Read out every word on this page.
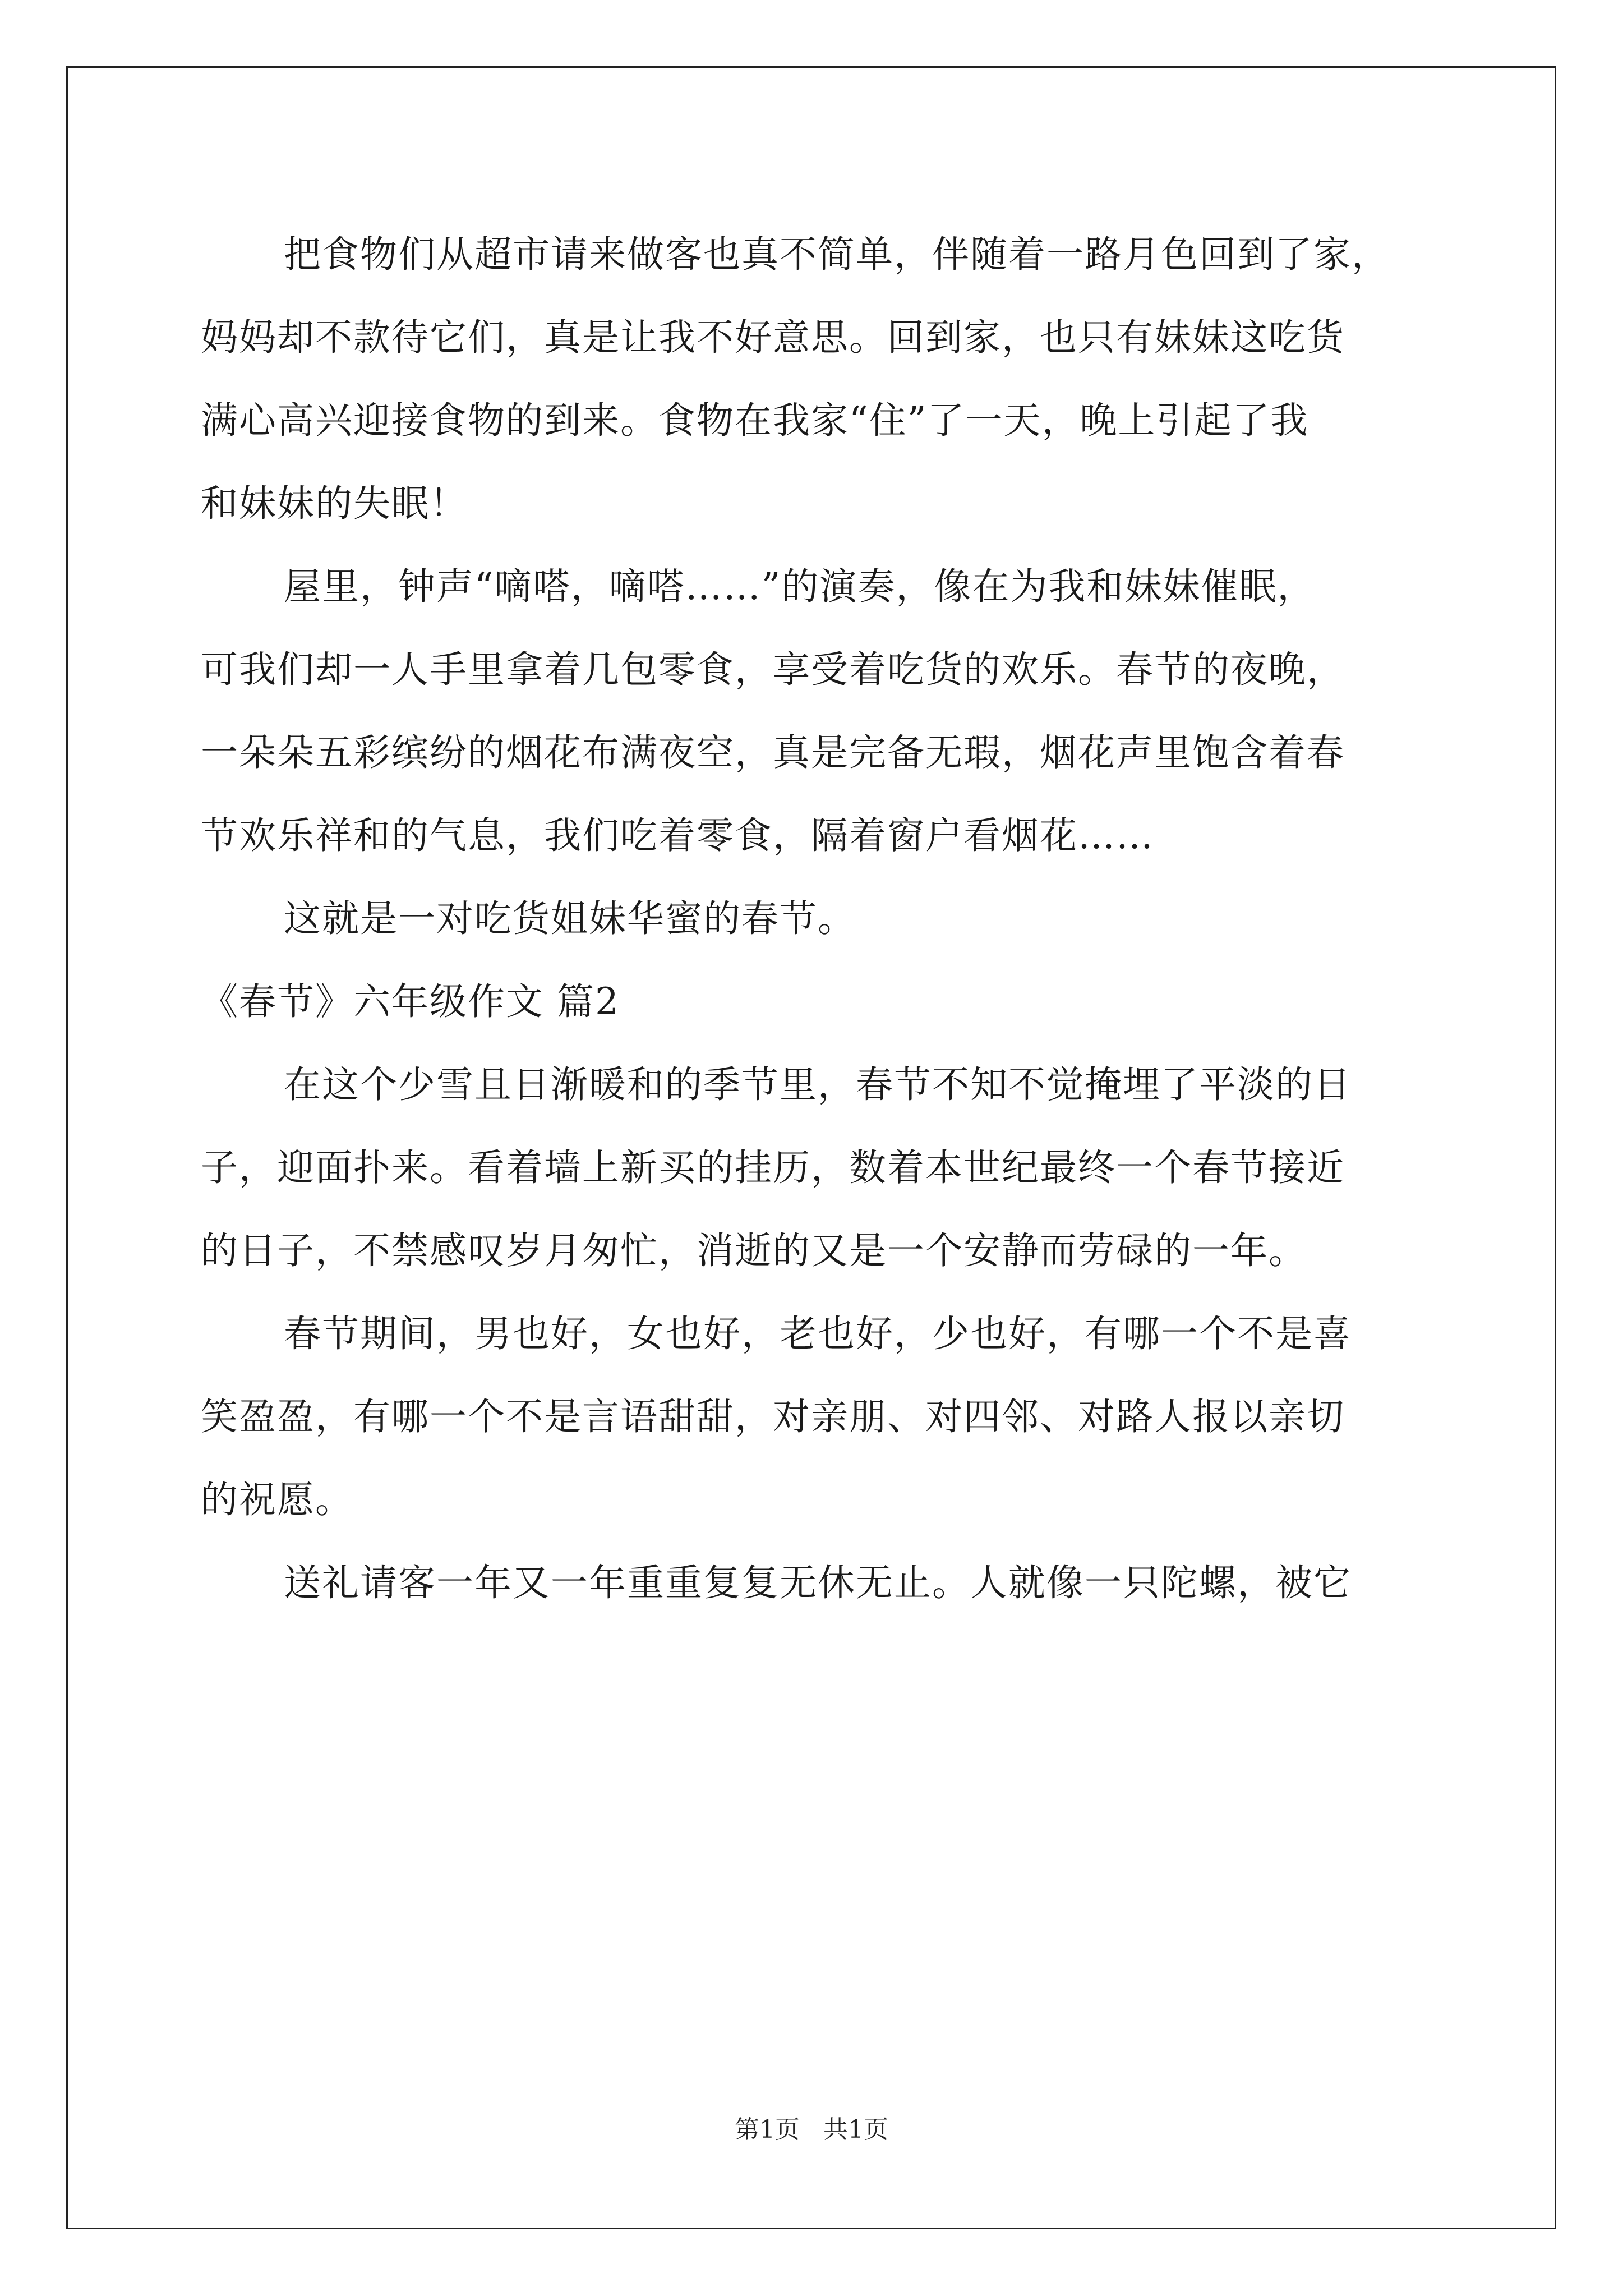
把食物们从超市请来做客也真不简单，伴随着一路月色回到了家，
妈妈却不款待它们，真是让我不好意思。回到家，也只有妹妹这吃货
满心高兴迎接食物的到来。食物在我家“住”了一天，晚上引起了我
和妹妹的失眠！
屋里，钟声“嘀嗒，嘀嗒……”的演奏，像在为我和妹妹催眠，
可我们却一人手里拿着几包零食，享受着吃货的欢乐。春节的夜晚，
一朵朵五彩缤纷的烟花布满夜空，真是完备无瑕，烟花声里饱含着春
节欢乐祥和的气息，我们吃着零食，隔着窗户看烟花……
这就是一对吃货姐妹华蜜的春节。
《春节》六年级作文 篇2
在这个少雪且日渐暖和的季节里，春节不知不觉掩埋了平淡的日
子，迎面扑来。看着墙上新买的挂历，数着本世纪最终一个春节接近
的日子，不禁感叹岁月匆忙，消逝的又是一个安静而劳碌的一年。
春节期间，男也好，女也好，老也好，少也好，有哪一个不是喜
笑盈盈，有哪一个不是言语甜甜，对亲朋、对四邻、对路人报以亲切
的祝愿。
送礼请客一年又一年重重复复无休无止。人就像一只陀螺，被它
第1页 共1页
